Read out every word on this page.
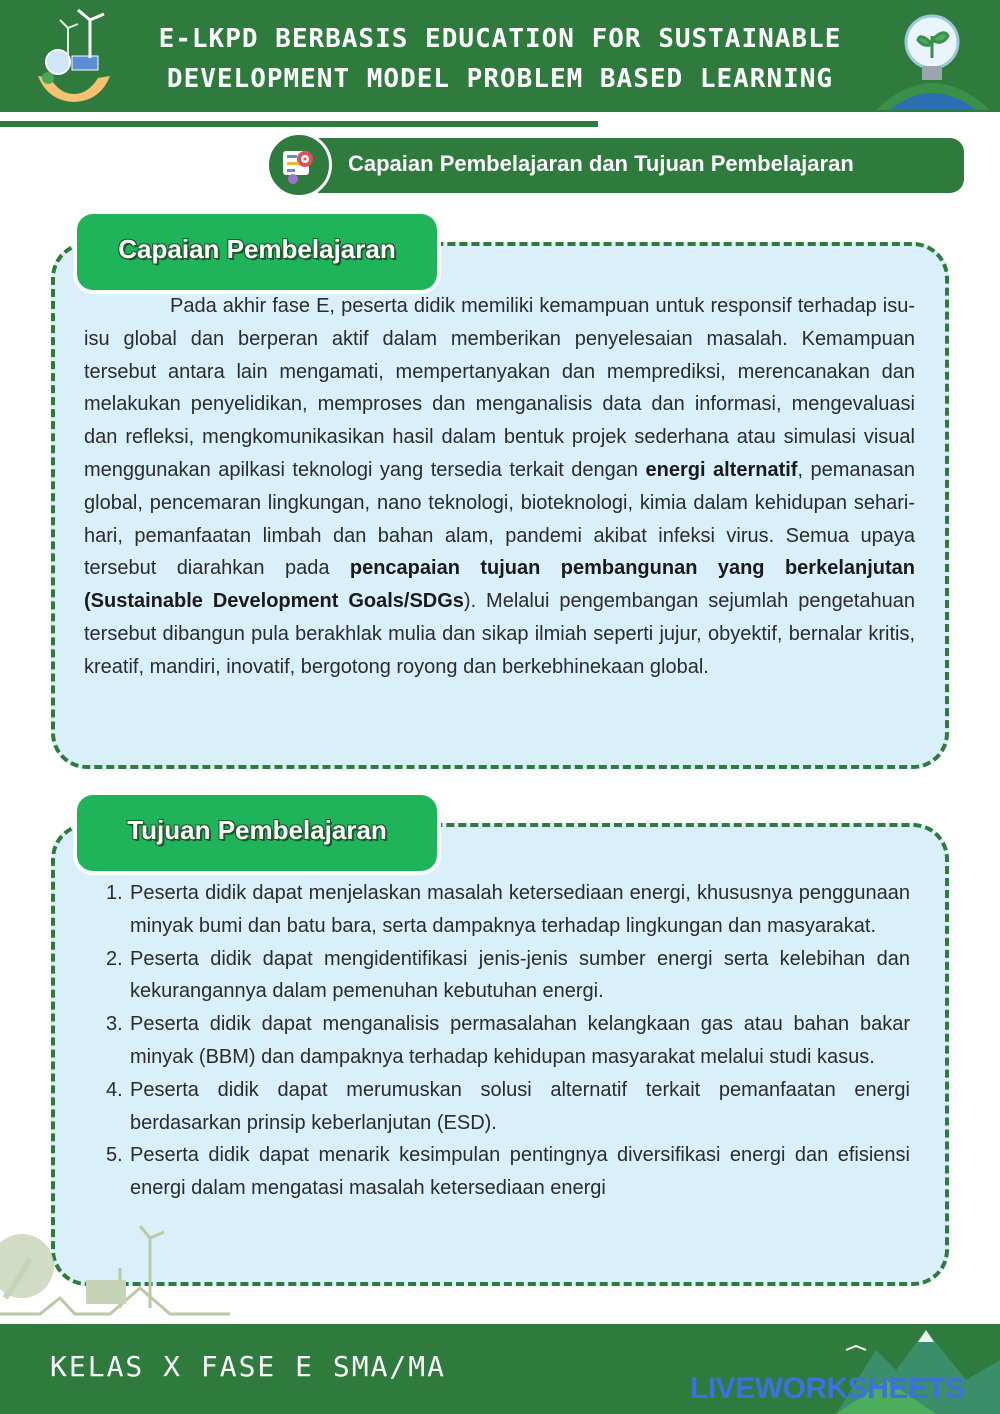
E-LKPD BERBASIS EDUCATION FOR SUSTAINABLE
DEVELOPMENT MODEL PROBLEM BASED LEARNING
Capaian Pembelajaran dan Tujuan Pembelajaran
Capaian Pembelajaran
Pada akhir fase E, peserta didik memiliki kemampuan untuk responsif terhadap isu-isu global dan berperan aktif dalam memberikan penyelesaian masalah. Kemampuan tersebut antara lain mengamati, mempertanyakan dan memprediksi, merencanakan dan melakukan penyelidikan, memproses dan menganalisis data dan informasi, mengevaluasi dan refleksi, mengkomunikasikan hasil dalam bentuk projek sederhana atau simulasi visual menggunakan apilkasi teknologi yang tersedia terkait dengan energi alternatif, pemanasan global, pencemaran lingkungan, nano teknologi, bioteknologi, kimia dalam kehidupan sehari-hari, pemanfaatan limbah dan bahan alam, pandemi akibat infeksi virus. Semua upaya tersebut diarahkan pada pencapaian tujuan pembangunan yang berkelanjutan (Sustainable Development Goals/SDGs). Melalui pengembangan sejumlah pengetahuan tersebut dibangun pula berakhlak mulia dan sikap ilmiah seperti jujur, obyektif, bernalar kritis, kreatif, mandiri, inovatif, bergotong royong dan berkebhinekaan global.
Tujuan Pembelajaran
1. Peserta didik dapat menjelaskan masalah ketersediaan energi, khususnya penggunaan minyak bumi dan batu bara, serta dampaknya terhadap lingkungan dan masyarakat.
2. Peserta didik dapat mengidentifikasi jenis-jenis sumber energi serta kelebihan dan kekurangannya dalam pemenuhan kebutuhan energi.
3. Peserta didik dapat menganalisis permasalahan kelangkaan gas atau bahan bakar minyak (BBM) dan dampaknya terhadap kehidupan masyarakat melalui studi kasus.
4. Peserta didik dapat merumuskan solusi alternatif terkait pemanfaatan energi berdasarkan prinsip keberlanjutan (ESD).
5. Peserta didik dapat menarik kesimpulan pentingnya diversifikasi energi dan efisiensi energi dalam mengatasi masalah ketersediaan energi
KELAS X FASE E SMA/MA
LIVEWORKSHEETS
